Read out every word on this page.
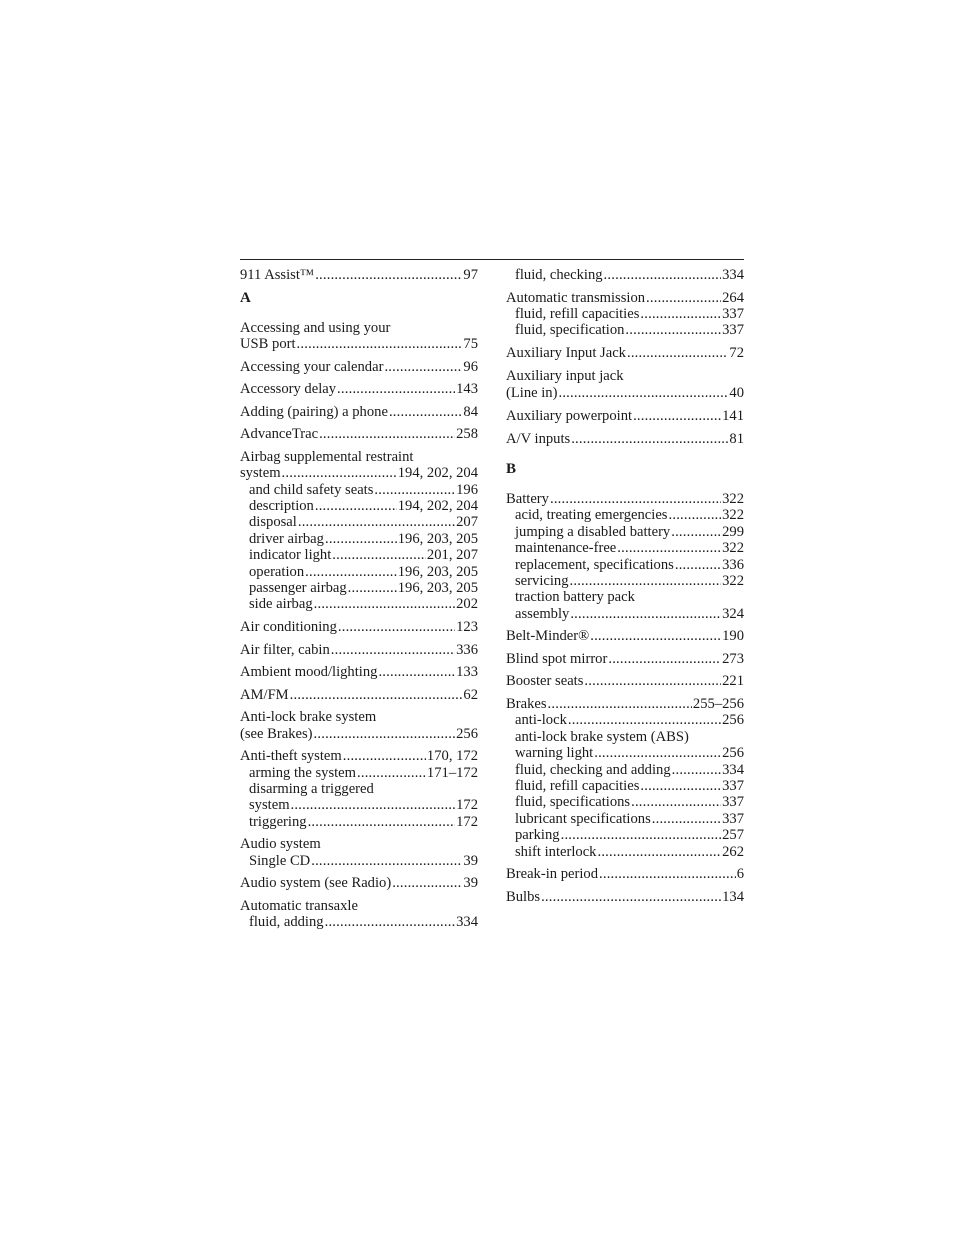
911 Assist™ .....	97
A
Accessing and using your
USB port .....	75
Accessing your calendar .....	96
Accessory delay .....	143
Adding (pairing) a phone .....	84
AdvanceTrac .....	258
Airbag supplemental restraint
system .....	194, 202, 204
and child safety seats .....	196
description .....	194, 202, 204
disposal .....	207
driver airbag .....	196, 203, 205
indicator light .....	201, 207
operation .....	196, 203, 205
passenger airbag .....	196, 203, 205
side airbag .....	202
Air conditioning .....	123
Air filter, cabin .....	336
Ambient mood/lighting .....	133
AM/FM .....	62
Anti-lock brake system
(see Brakes) .....	256
Anti-theft system .....	170, 172
arming the system .....	171–172
disarming a triggered
system .....	172
triggering .....	172
Audio system
Single CD .....	39
Audio system (see Radio) .....	39
Automatic transaxle
fluid, adding .....	334
fluid, checking .....	334
Automatic transmission .....	264
fluid, refill capacities .....	337
fluid, specification .....	337
Auxiliary Input Jack .....	72
Auxiliary input jack
(Line in) .....	40
Auxiliary powerpoint .....	141
A/V inputs .....	81
B
Battery .....	322
acid, treating emergencies .....	322
jumping a disabled battery .....	299
maintenance-free .....	322
replacement, specifications .....	336
servicing .....	322
traction battery pack
assembly .....	324
Belt-Minder® .....	190
Blind spot mirror .....	273
Booster seats .....	221
Brakes .....	255–256
anti-lock .....	256
anti-lock brake system (ABS)
warning light .....	256
fluid, checking and adding .....	334
fluid, refill capacities .....	337
fluid, specifications .....	337
lubricant specifications .....	337
parking .....	257
shift interlock .....	262
Break-in period .....	6
Bulbs .....	134
